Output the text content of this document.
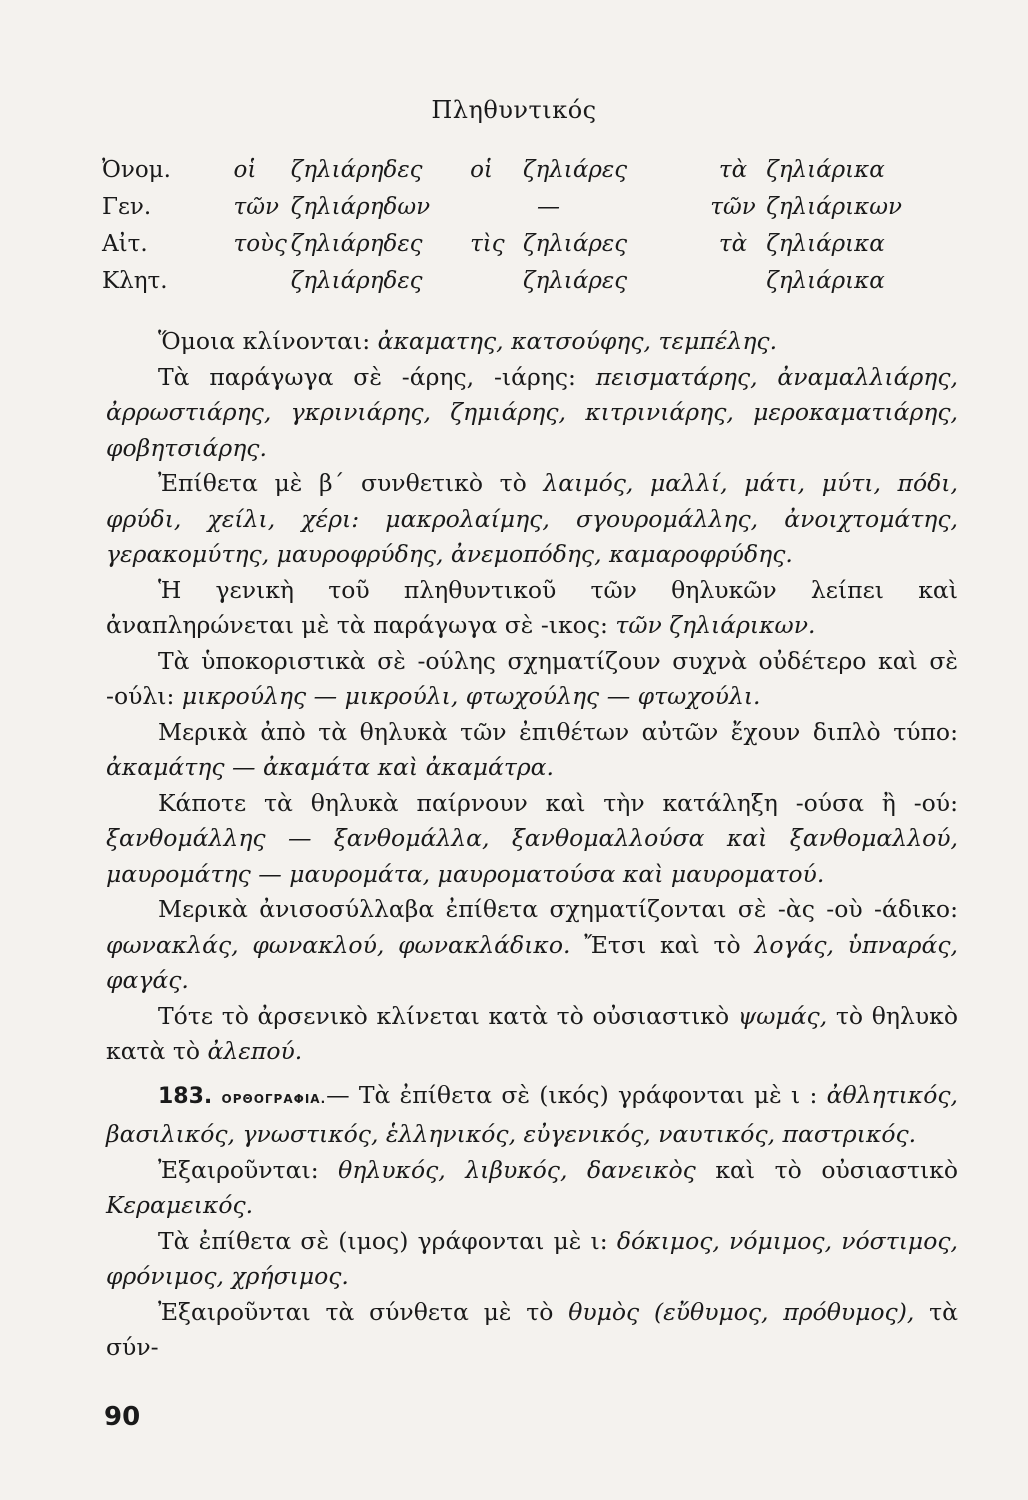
Πληθυντικός
Ὀνομ.	οἱ	ζηλιάρηδες	οἱ	ζηλιάρες	τὰ	ζηλιάρικα
Γεν.	τῶν	ζηλιάρηδων		—	τῶν	ζηλιάρικων
Αἰτ.	τοὺς	ζηλιάρηδες	τὶς	ζηλιάρες	τὰ	ζηλιάρικα
Κλητ.		ζηλιάρηδες		ζηλιάρες		ζηλιάρικα

Ὅμοια κλίνονται: ἀκαματης, κατσούφης, τεμπέλης.

Τὰ παράγωγα σὲ -άρης, -ιάρης: πεισματάρης, ἀναμαλλιάρης, ἀρρωστιάρης, γκρινιάρης, ζημιάρης, κιτρινιάρης, μεροκαματιάρης, φοβητσιάρης.

Ἐπίθετα μὲ β΄ συνθετικὸ τὸ λαιμός, μαλλί, μάτι, μύτι, πόδι, φρύδι, χείλι, χέρι: μακρολαίμης, σγουρομάλλης, ἀνοιχτομάτης, γερακομύτης, μαυροφρύδης, ἀνεμοπόδης, καμαροφρύδης.

Ἡ γενικὴ τοῦ πληθυντικοῦ τῶν θηλυκῶν λείπει καὶ ἀναπληρώνεται μὲ τὰ παράγωγα σὲ -ικος: τῶν ζηλιάρικων.

Τὰ ὑποκοριστικὰ σὲ -ούλης σχηματίζουν συχνὰ οὐδέτερο καὶ σὲ -ούλι: μικρούλης — μικρούλι, φτωχούλης — φτωχούλι.

Μερικὰ ἀπὸ τὰ θηλυκὰ τῶν ἐπιθέτων αὐτῶν ἔχουν διπλὸ τύπο: ἀκαμάτης — ἀκαμάτα καὶ ἀκαμάτρα.

Κάποτε τὰ θηλυκὰ παίρνουν καὶ τὴν κατάληξη -ούσα ἢ -ού: ξανθομάλλης — ξανθομάλλα, ξανθομαλλούσα καὶ ξανθομαλλού, μαυρομάτης — μαυρομάτα, μαυροματούσα καὶ μαυροματού.

Μερικὰ ἀνισοσύλλαβα ἐπίθετα σχηματίζονται σὲ -ὰς -οὺ -άδικο: φωνακλάς, φωνακλού, φωνακλάδικο. Ἔτσι καὶ τὸ λογάς, ὑπναράς, φαγάς.

Τότε τὸ ἀρσενικὸ κλίνεται κατὰ τὸ οὐσιαστικὸ ψωμάς, τὸ θηλυκὸ κατὰ τὸ ἀλεπού.

183. ΟΡΘΟΓΡΑΦΙΑ.— Τὰ ἐπίθετα σὲ (ικός) γράφονται μὲ ι : ἀθλητικός, βασιλικός, γνωστικός, ἑλληνικός, εὐγενικός, ναυτικός, παστρικός.

Ἐξαιροῦνται: θηλυκός, λιβυκός, δανεικὸς καὶ τὸ οὐσιαστικὸ Κεραμεικός.

Τὰ ἐπίθετα σὲ (ιμος) γράφονται μὲ ι: δόκιμος, νόμιμος, νόστιμος, φρόνιμος, χρήσιμος.

Ἐξαιροῦνται τὰ σύνθετα μὲ τὸ θυμὸς (εὔθυμος, πρόθυμος), τὰ σύν-

90
